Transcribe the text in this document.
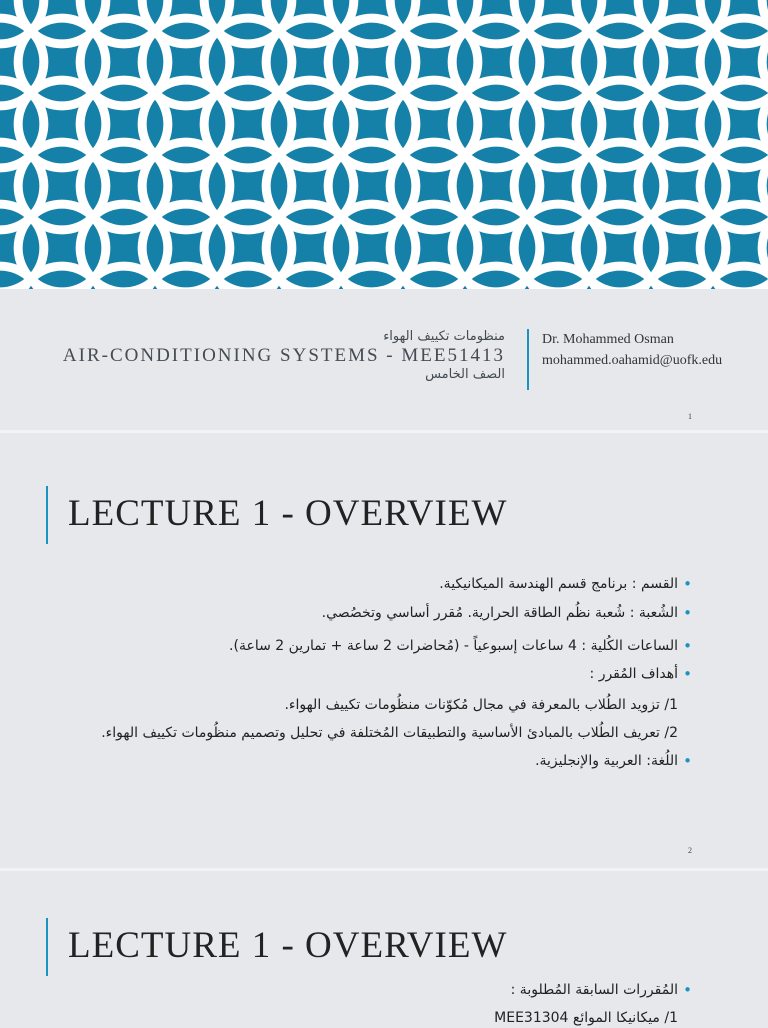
منظومات تكييف الهواء
AIR-CONDITIONING SYSTEMS - MEE51413
الصف الخامس
Dr. Mohammed Osman
mohammed.oahamid@uofk.edu
1
LECTURE 1 - OVERVIEW

• القسم : برنامج قسم الهندسة الميكانيكية.

• الشُعبة : شُعبة نظُم الطاقة الحرارية. مُقرر أساسي وتخصُصي.

• الساعات الكُلية : 4 ساعات إسبوعياً - (مُحاضرات 2 ساعة + تمارين 2 ساعة).

• أهداف المُقرر :

1/ تزويد الطُلاب بالمعرفة في مجال مُكوّنات منظُومات تكييف الهواء.

2/ تعريف الطُلاب بالمبادئ الأساسية والتطبيقات المُختلفة في تحليل وتصميم منظُومات تكييف الهواء.

• اللُغة: العربية والإنجليزية.

2
LECTURE 1 - OVERVIEW

• المُقررات السابقة المُطلوبة :

1/ ميكانيكا الموائع MEE31304
